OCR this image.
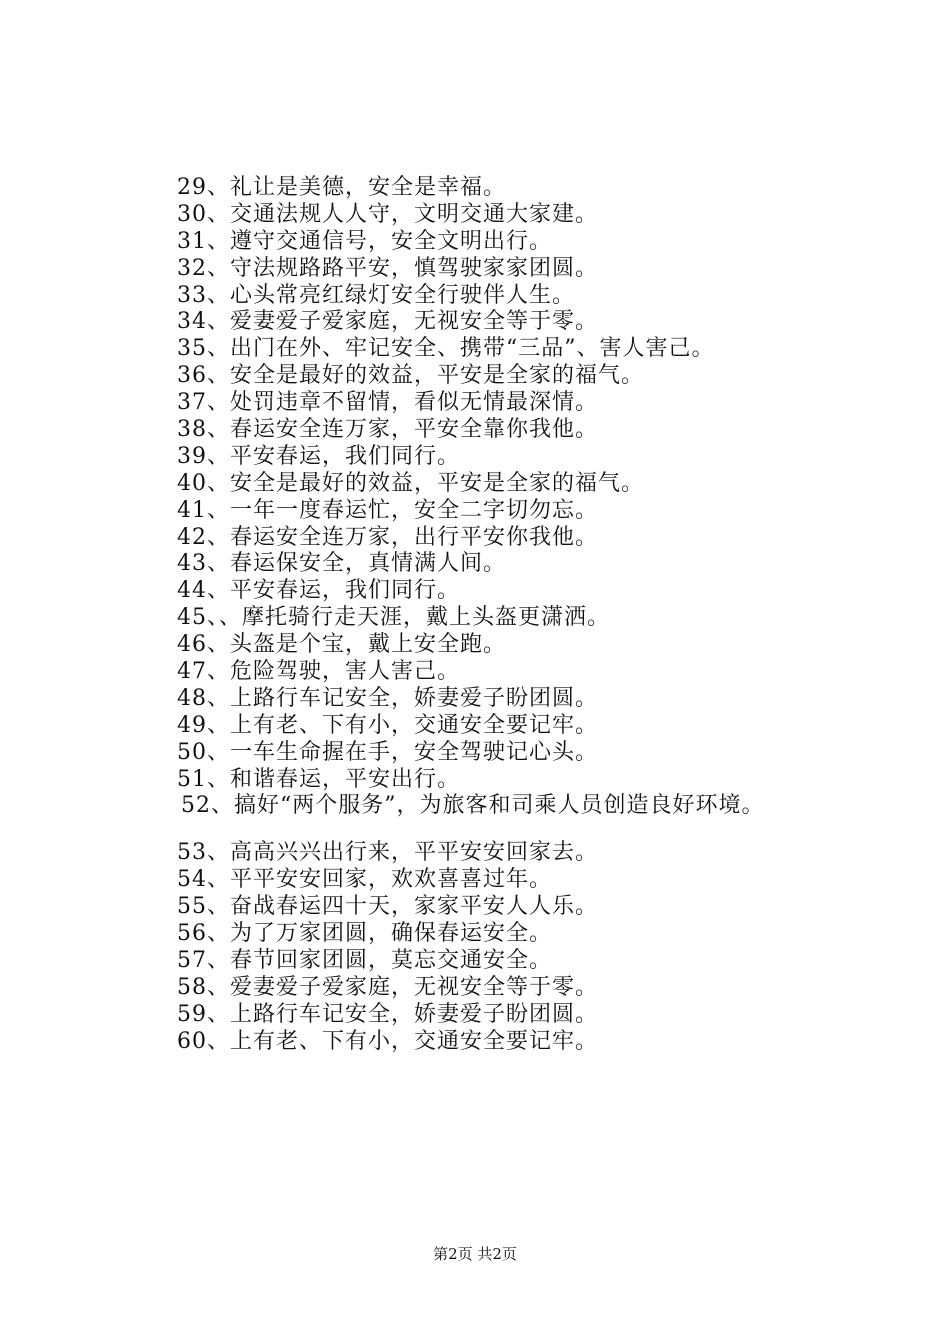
29、礼让是美德，安全是幸福。
30、交通法规人人守，文明交通大家建。
31、遵守交通信号，安全文明出行。
32、守法规路路平安，慎驾驶家家团圆。
33、心头常亮红绿灯安全行驶伴人生。
34、爱妻爱子爱家庭，无视安全等于零。
35、出门在外、牢记安全、携带“三品”、害人害己。
36、安全是最好的效益，平安是全家的福气。
37、处罚违章不留情，看似无情最深情。
38、春运安全连万家，平安全靠你我他。
39、平安春运，我们同行。
40、安全是最好的效益，平安是全家的福气。
41、一年一度春运忙，安全二字切勿忘。
42、春运安全连万家，出行平安你我他。
43、春运保安全，真情满人间。
44、平安春运，我们同行。
45、、摩托骑行走天涯，戴上头盔更潇洒。
46、头盔是个宝，戴上安全跑。
47、危险驾驶，害人害己。
48、上路行车记安全，娇妻爱子盼团圆。
49、上有老、下有小，交通安全要记牢。
50、一车生命握在手，安全驾驶记心头。
51、和谐春运，平安出行。
52、搞好“两个服务”，为旅客和司乘人员创造良好环境。
53、高高兴兴出行来，平平安安回家去。
54、平平安安回家，欢欢喜喜过年。
55、奋战春运四十天，家家平安人人乐。
56、为了万家团圆，确保春运安全。
57、春节回家团圆，莫忘交通安全。
58、爱妻爱子爱家庭，无视安全等于零。
59、上路行车记安全，娇妻爱子盼团圆。
60、上有老、下有小，交通安全要记牢。
第2页 共2页
